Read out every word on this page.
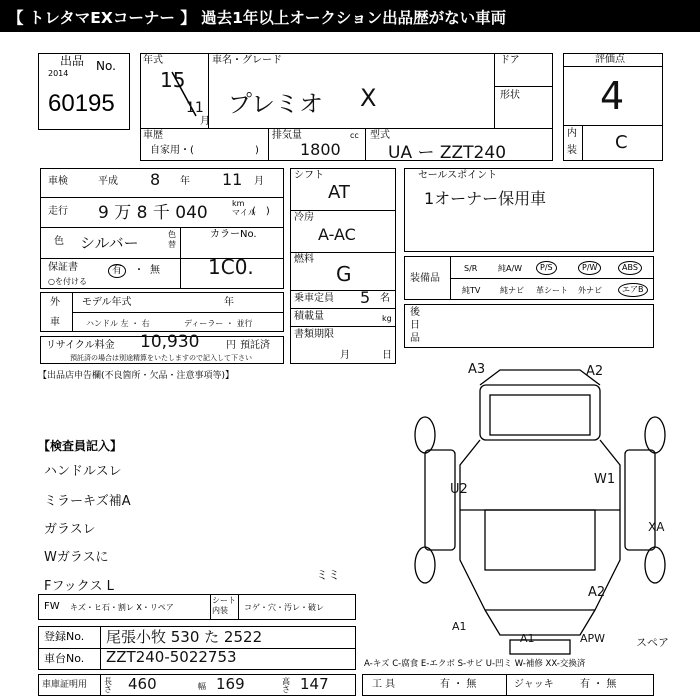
【 トレタマEXコーナー 】 過去1年以上オークション出品歴がない車両
出品 No.
2014
60195
年式
15
11
月
車名・グレード
プレミオ X
ドア
形状
車歴
自家用・(	)
排気量	cc
1800
型式
UA ー ZZT240
評価点
4
内
装 C
車検	平成 8 年 11 月
走行 9 万 8 千 040	km
マイル
(　)
色 シルバー	色替
カラーNo.
1C0.
保証書
○を付ける
有	・ 無
外
車
モデル年式	年
ハンドル 左 ・ 右	ディーラー ・ 並行
リサイクル料金 10,930	円 預託済
預託済の場合は別途精算をいたしますので記入して下さい
シフト
AT
冷房
A-AC
燃料
G
乗車定員 5 名
積載量	kg
書類期限
月	日
セールスポイント
1オーナー保用車
装備品
S/R	純A/W	P/S	P/W	ABS
純TV 純ナビ 革シート 外ナビ	エアB
後
日
品
【出品店申告欄(不良箇所・欠品・注意事項等)】
【検査員記入】
ハンドルスレ
ミラーキズ補A
ガラスレ
Wガラスに
Fフックス L
FW キズ・ヒ石・割レ X・リペア
シート
内装	コゲ・穴・汚レ・破レ
登録No. 尾張小牧 530 た 2522
車台No. ZZT240-5022753
車庫証明用 長さ 460	幅 169	高さ 147
A-キズ C-腐食 E-エクボ S-サビ U-凹ミ W-補修 XX-交換済
工 具	有 ・ 無	ジャッキ	有 ・ 無
A3	A2
W1
U2
XA
A2
A1
A1	APW	スペア
ミミ
